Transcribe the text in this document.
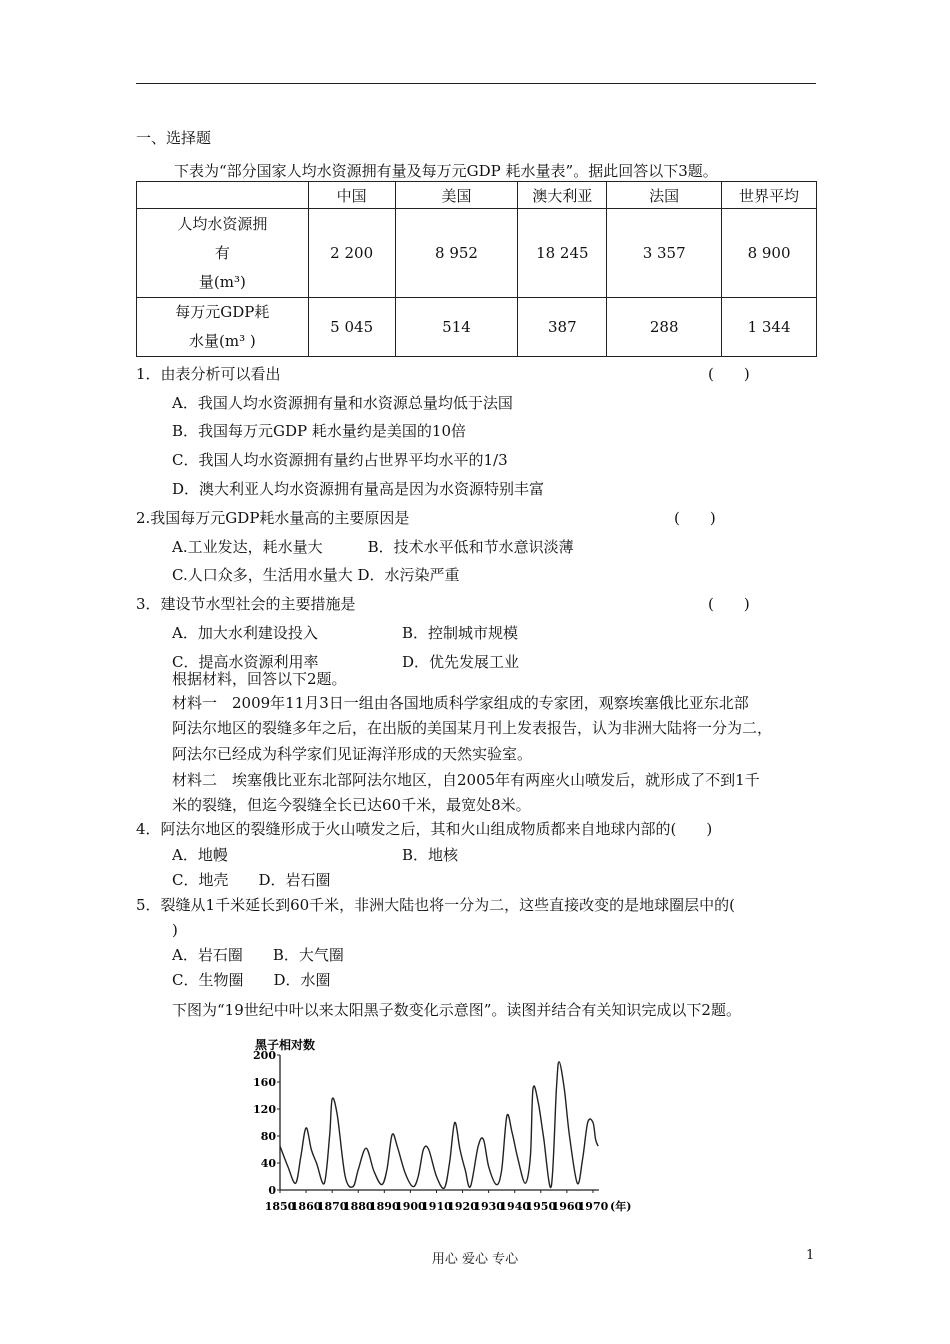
一、选择题
下表为“部分国家人均水资源拥有量及每万元GDP 耗水量表”。据此回答以下3题。
	中国	美国	澳大利亚	法国	世界平均

人均水资源拥
有
量(m³)	2 200	8 952	18 245	3 357	8 900

每万元GDP耗
水量(m³ )	5 045	514	387	288	1 344
1．由表分析可以看出	(　　)
A．我国人均水资源拥有量和水资源总量均低于法国
B．我国每万元GDP 耗水量约是美国的10倍
C．我国人均水资源拥有量约占世界平均水平的1/3
D．澳大利亚人均水资源拥有量高是因为水资源特别丰富
2.我国每万元GDP耗水量高的主要原因是	(　　)
A.工业发达，耗水量大　　　B．技术水平低和节水意识淡薄
C.人口众多，生活用水量大 D．水污染严重
3．建设节水型社会的主要措施是	(　　)
A．加大水利建设投入	B．控制城市规模
C．提高水资源利用率	D．优先发展工业
根据材料，回答以下2题。
材料一　2009年11月3日一组由各国地质科学家组成的专家团，观察埃塞俄比亚东北部
阿法尔地区的裂缝多年之后，在出版的美国某月刊上发表报告，认为非洲大陆将一分为二，
阿法尔已经成为科学家们见证海洋形成的天然实验室。
材料二　埃塞俄比亚东北部阿法尔地区，自2005年有两座火山喷发后，就形成了不到1千
米的裂缝，但迄今裂缝全长已达60千米，最宽处8米。
4．阿法尔地区的裂缝形成于火山喷发之后，其和火山组成物质都来自地球内部的(　　)
A．地幔	B．地核
C．地壳　　D．岩石圈
5．裂缝从1千米延长到60千米，非洲大陆也将一分为二，这些直接改变的是地球圈层中的(
)
A．岩石圈　　B．大气圈
C．生物圈　　D．水圈
下图为“19世纪中叶以来太阳黑子数变化示意图”。读图并结合有关知识完成以下2题。
黑子相对数
(年)
0
40
80
120
160
200
1850
1860
1870
1880
1890
1900
1910
1920
1930
1940
1950
1960
1970
用心 爱心 专心	1
